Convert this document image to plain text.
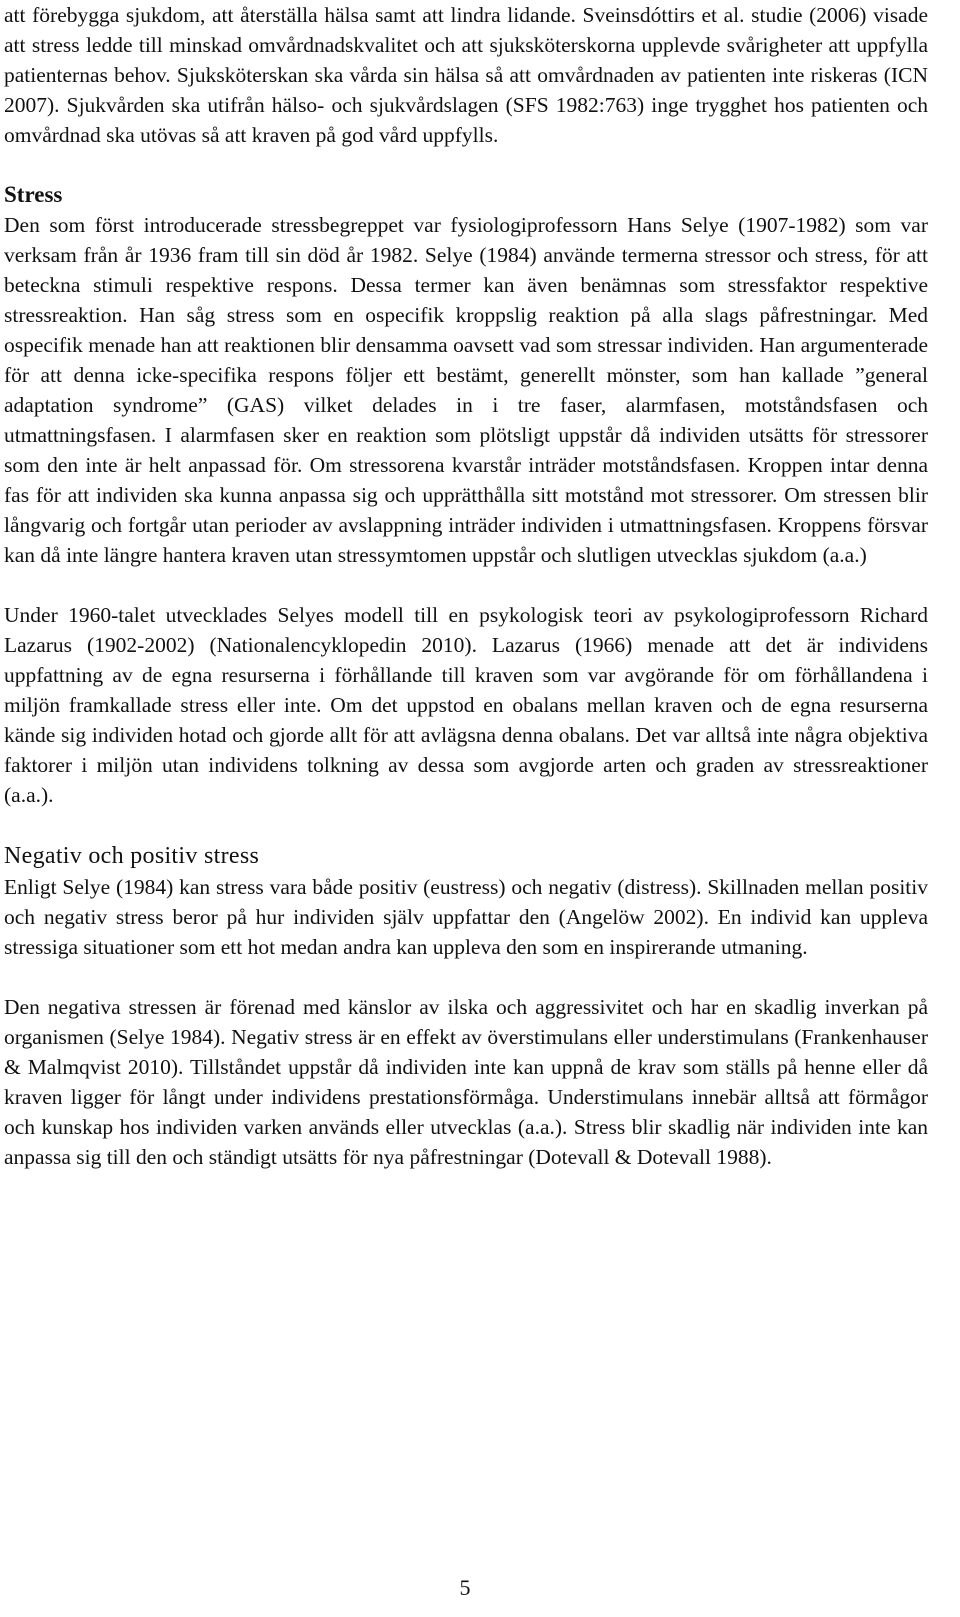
att förebygga sjukdom, att återställa hälsa samt att lindra lidande. Sveinsdóttirs et al. studie (2006) visade att stress ledde till minskad omvårdnadskvalitet och att sjuksköterskorna upplevde svårigheter att uppfylla patienternas behov. Sjuksköterskan ska vårda sin hälsa så att omvårdnaden av patienten inte riskeras (ICN 2007). Sjukvården ska utifrån hälso- och sjukvårdslagen (SFS 1982:763) inge trygghet hos patienten och omvårdnad ska utövas så att kraven på god vård uppfylls.

Stress

Den som först introducerade stressbegreppet var fysiologiprofessorn Hans Selye (1907-1982) som var verksam från år 1936 fram till sin död år 1982. Selye (1984) använde termerna stressor och stress, för att beteckna stimuli respektive respons. Dessa termer kan även benämnas som stressfaktor respektive stressreaktion. Han såg stress som en ospecifik kroppslig reaktion på alla slags påfrestningar. Med ospecifik menade han att reaktionen blir densamma oavsett vad som stressar individen. Han argumenterade för att denna icke-specifika respons följer ett bestämt, generellt mönster, som han kallade ”general adaptation syndrome” (GAS) vilket delades in i tre faser, alarmfasen, motståndsfasen och utmattningsfasen. I alarmfasen sker en reaktion som plötsligt uppstår då individen utsätts för stressorer som den inte är helt anpassad för. Om stressorena kvarstår inträder motståndsfasen. Kroppen intar denna fas för att individen ska kunna anpassa sig och upprätthålla sitt motstånd mot stressorer. Om stressen blir långvarig och fortgår utan perioder av avslappning inträder individen i utmattningsfasen. Kroppens försvar kan då inte längre hantera kraven utan stressymtomen uppstår och slutligen utvecklas sjukdom (a.a.)

Under 1960-talet utvecklades Selyes modell till en psykologisk teori av psykologiprofessorn Richard Lazarus (1902-2002) (Nationalencyklopedin 2010). Lazarus (1966) menade att det är individens uppfattning av de egna resurserna i förhållande till kraven som var avgörande för om förhållandena i miljön framkallade stress eller inte. Om det uppstod en obalans mellan kraven och de egna resurserna kände sig individen hotad och gjorde allt för att avlägsna denna obalans. Det var alltså inte några objektiva faktorer i miljön utan individens tolkning av dessa som avgjorde arten och graden av stressreaktioner (a.a.).

Negativ och positiv stress

Enligt Selye (1984) kan stress vara både positiv (eustress) och negativ (distress). Skillnaden mellan positiv och negativ stress beror på hur individen själv uppfattar den (Angelöw 2002). En individ kan uppleva stressiga situationer som ett hot medan andra kan uppleva den som en inspirerande utmaning.

Den negativa stressen är förenad med känslor av ilska och aggressivitet och har en skadlig inverkan på organismen (Selye 1984). Negativ stress är en effekt av överstimulans eller understimulans (Frankenhauser & Malmqvist 2010). Tillståndet uppstår då individen inte kan uppnå de krav som ställs på henne eller då kraven ligger för långt under individens prestationsförmåga. Understimulans innebär alltså att förmågor och kunskap hos individen varken används eller utvecklas (a.a.). Stress blir skadlig när individen inte kan anpassa sig till den och ständigt utsätts för nya påfrestningar (Dotevall & Dotevall 1988).

5
